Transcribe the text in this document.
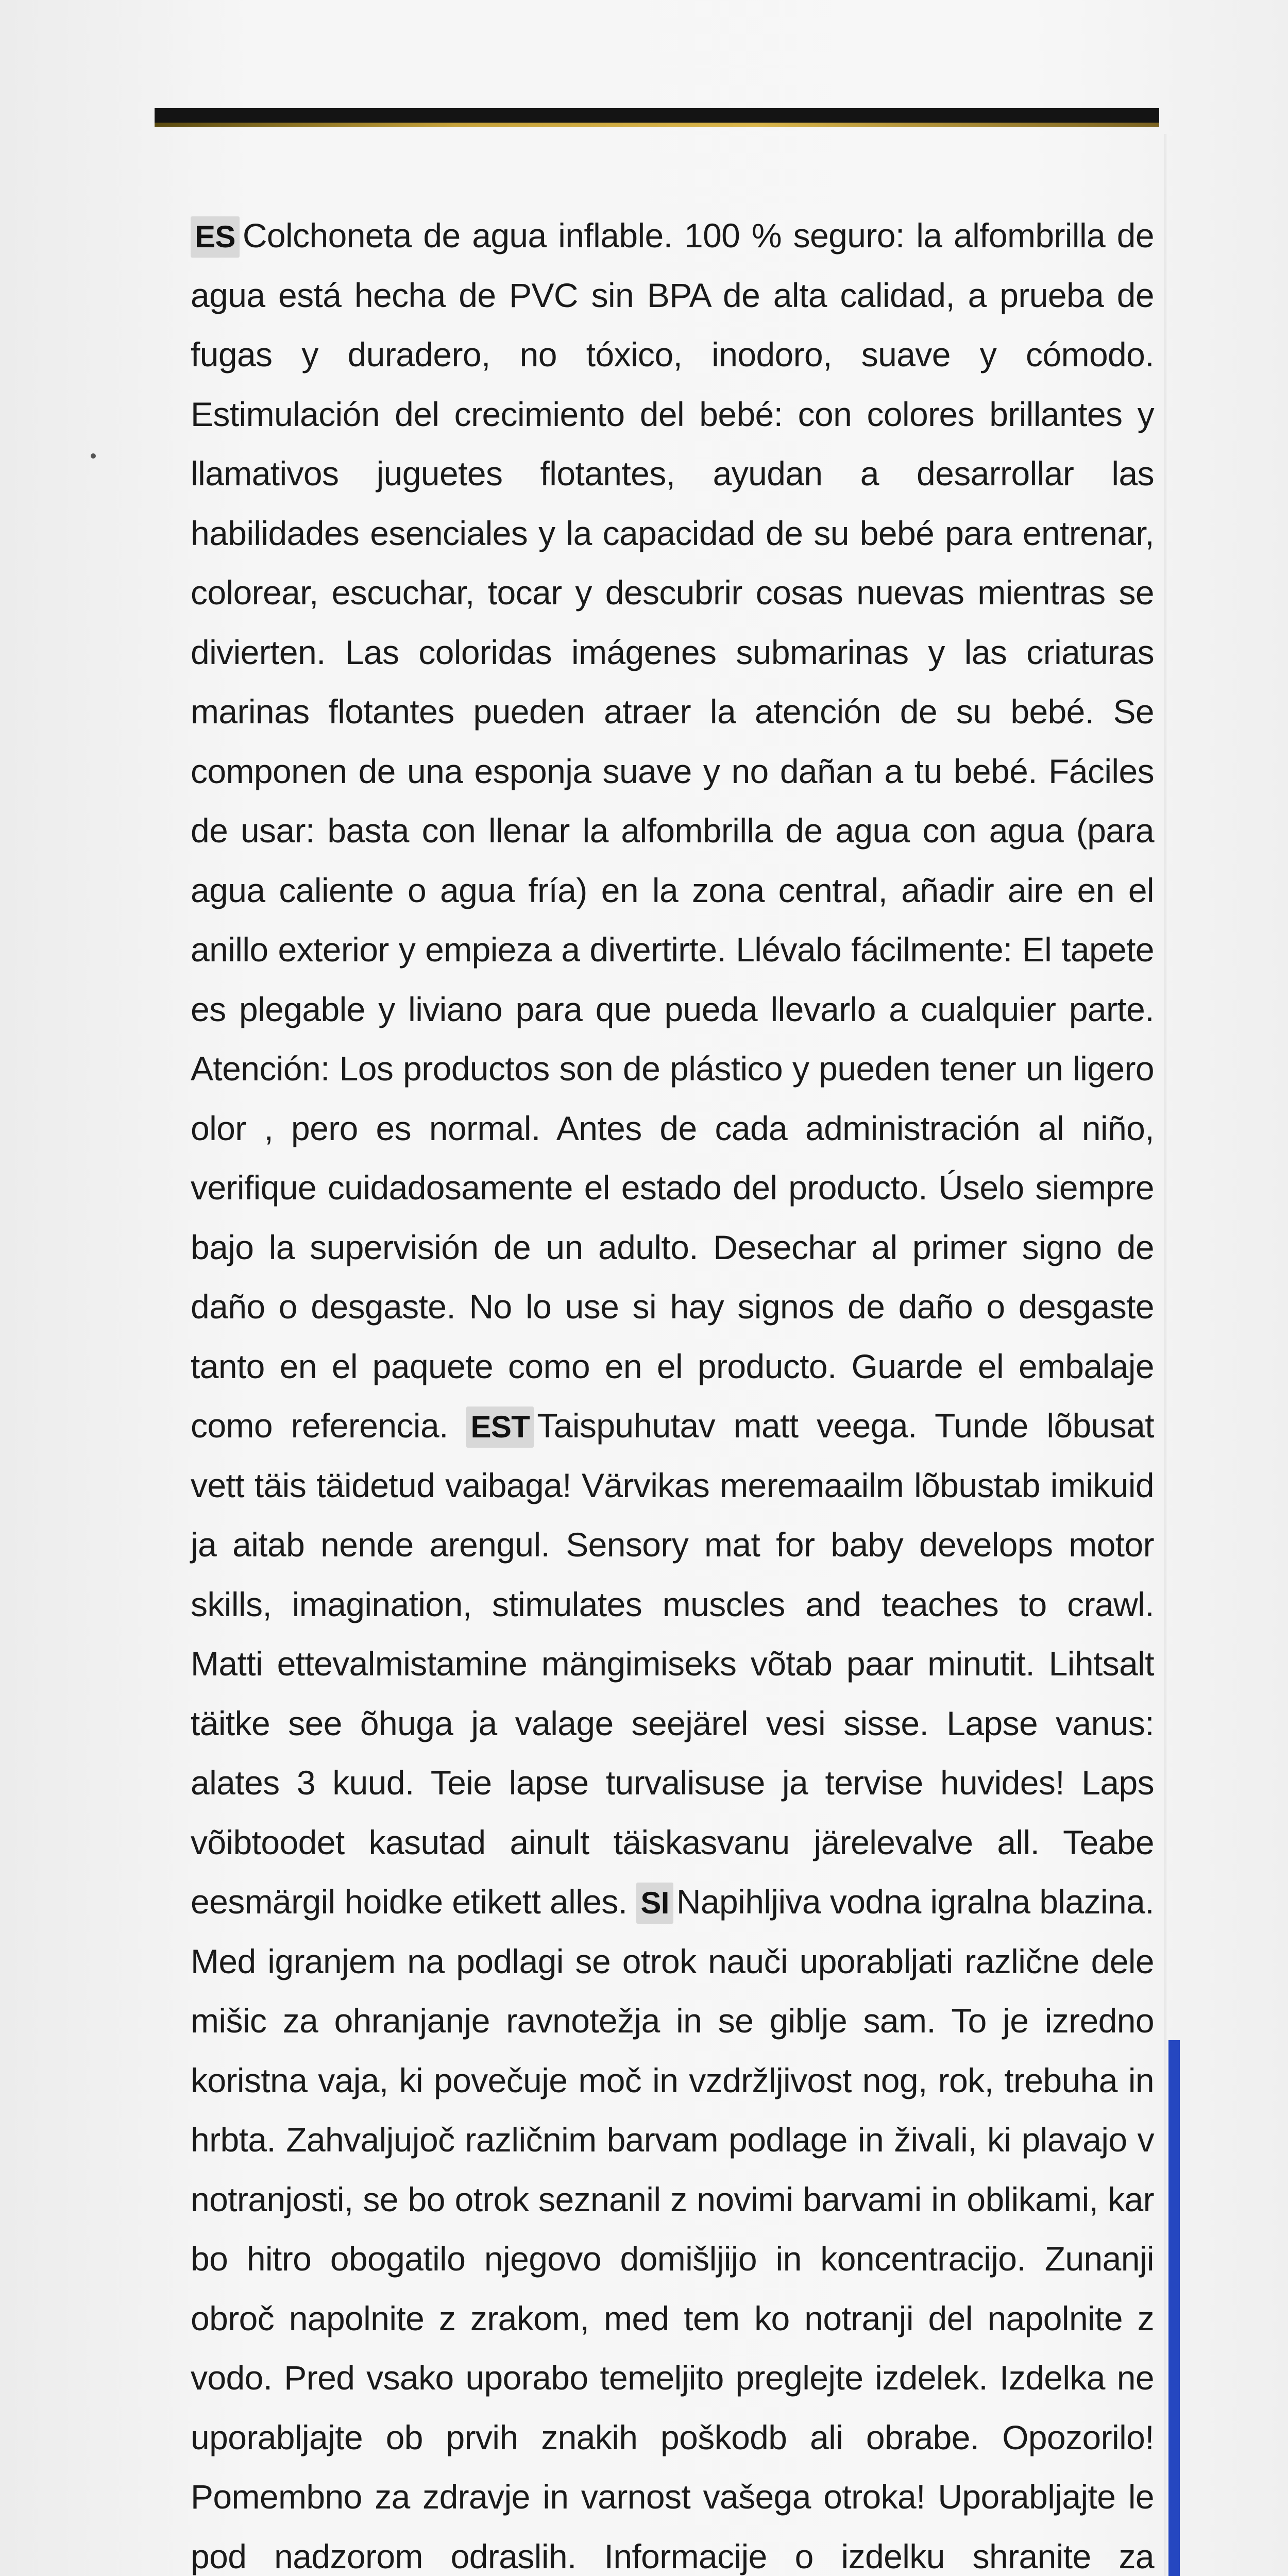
ES Colchoneta de agua inflable. 100 % seguro: la alfombrilla de agua está hecha de PVC sin BPA de alta calidad, a prueba de fugas y duradero, no tóxico, inodoro, suave y cómodo. Estimulación del crecimiento del bebé: con colores brillantes y llamativos juguetes flotantes, ayudan a desarrollar las habilidades esenciales y la capacidad de su bebé para entrenar, colorear, escuchar, tocar y descubrir cosas nuevas mientras se divierten. Las coloridas imágenes submarinas y las criaturas marinas flotantes pueden atraer la atención de su bebé. Se componen de una esponja suave y no dañan a tu bebé. Fáciles de usar: basta con llenar la alfombrilla de agua con agua (para agua caliente o agua fría) en la zona central, añadir aire en el anillo exterior y empieza a divertirte. Llévalo fácilmente: El tapete es plegable y liviano para que pueda llevarlo a cualquier parte. Atención: Los productos son de plástico y pueden tener un ligero olor , pero es normal. Antes de cada administración al niño, verifique cuidadosamente el estado del producto. Úselo siempre bajo la supervisión de un adulto. Desechar al primer signo de daño o desgaste. No lo use si hay signos de daño o desgaste tanto en el paquete como en el producto. Guarde el embalaje como referencia. EST Taispuhutav matt veega. Tunde lõbusat vett täis täidetud vaibaga! Värvikas meremaailm lõbustab imikuid ja aitab nende arengul. Sensory mat for baby develops motor skills, imagination, stimulates muscles and teaches to crawl. Matti ettevalmistamine mängimiseks võtab paar minutit. Lihtsalt täitke see õhuga ja valage seejärel vesi sisse. Lapse vanus: alates 3 kuud. Teie lapse turvalisuse ja tervise huvides! Laps võibtoodet kasutad ainult täiskasvanu järelevalve all. Teabe eesmärgil hoidke etikett alles. SI Napihljiva vodna igralna blazina. Med igranjem na podlagi se otrok nauči uporabljati različne dele mišic za ohranjanje ravnotežja in se giblje sam. To je izredno koristna vaja, ki povečuje moč in vzdržljivost nog, rok, trebuha in hrbta. Zahvaljujoč različnim barvam podlage in živali, ki plavajo v notranjosti, se bo otrok seznanil z novimi barvami in oblikami, kar bo hitro obogatilo njegovo domišljijo in koncentracijo. Zunanji obroč napolnite z zrakom, med tem ko notranji del napolnite z vodo. Pred vsako uporabo temeljito preglejte izdelek. Izdelka ne uporabljajte ob prvih znakih poškodb ali obrabe. Opozorilo! Pomembno za zdravje in varnost vašega otroka! Uporabljajte le pod nadzorom odraslih. Informacije o izdelku shranite za
